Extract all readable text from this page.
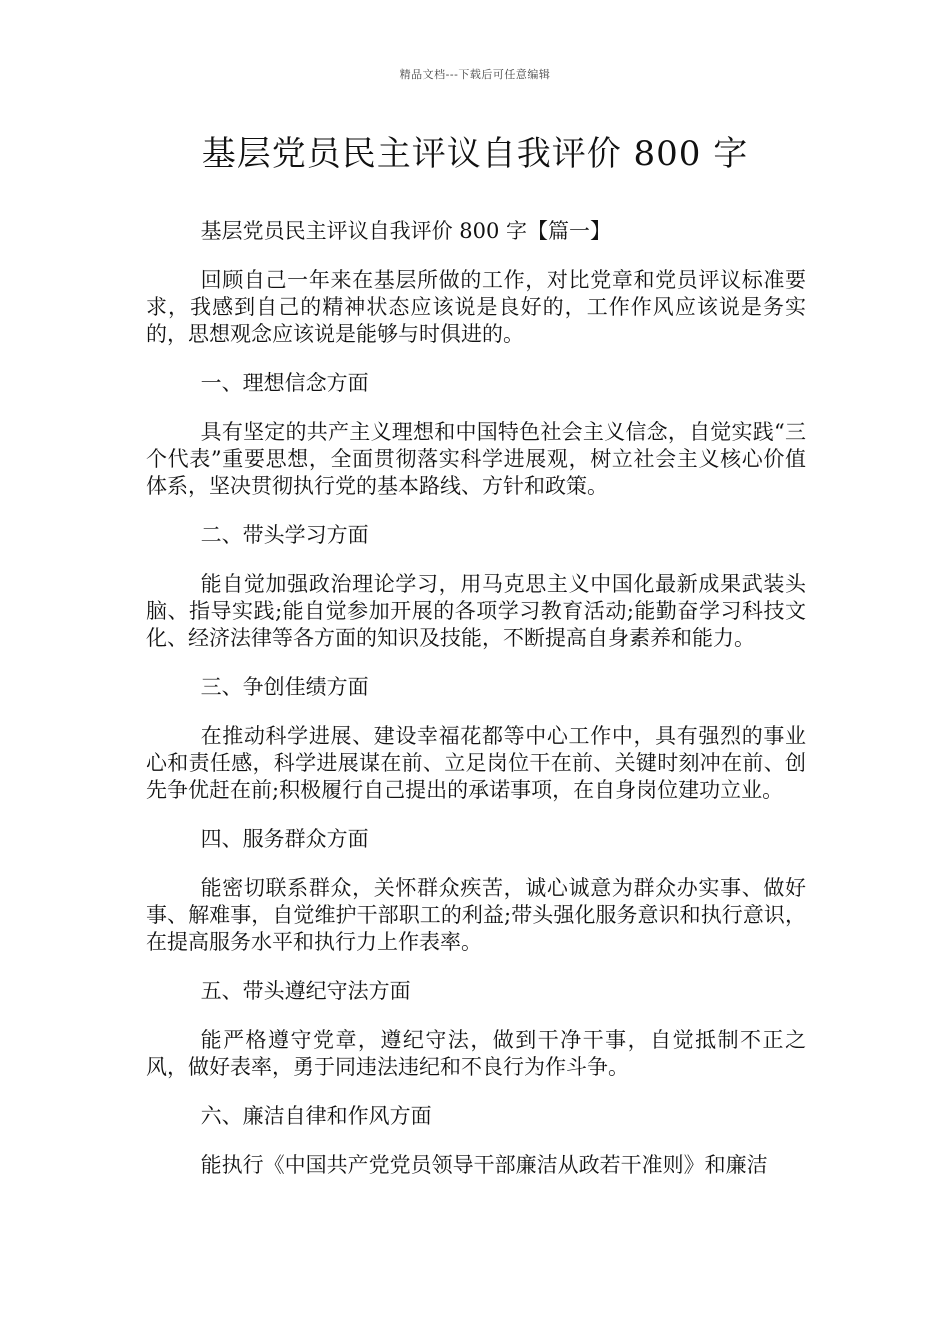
精品文档---下载后可任意编辑
基层党员民主评议自我评价 800 字

基层党员民主评议自我评价 800 字【篇一】

回顾自己一年来在基层所做的工作，对比党章和党员评议标准要求，我感到自己的精神状态应该说是良好的，工作作风应该说是务实的，思想观念应该说是能够与时俱进的。

一、理想信念方面

具有坚定的共产主义理想和中国特色社会主义信念，自觉实践“三个代表”重要思想，全面贯彻落实科学进展观，树立社会主义核心价值体系，坚决贯彻执行党的基本路线、方针和政策。

二、带头学习方面

能自觉加强政治理论学习，用马克思主义中国化最新成果武装头脑、指导实践;能自觉参加开展的各项学习教育活动;能勤奋学习科技文化、经济法律等各方面的知识及技能，不断提高自身素养和能力。

三、争创佳绩方面

在推动科学进展、建设幸福花都等中心工作中，具有强烈的事业心和责任感，科学进展谋在前、立足岗位干在前、关键时刻冲在前、创先争优赶在前;积极履行自己提出的承诺事项，在自身岗位建功立业。

四、服务群众方面

能密切联系群众，关怀群众疾苦，诚心诚意为群众办实事、做好事、解难事，自觉维护干部职工的利益;带头强化服务意识和执行意识，在提高服务水平和执行力上作表率。

五、带头遵纪守法方面

能严格遵守党章，遵纪守法，做到干净干事，自觉抵制不正之风，做好表率，勇于同违法违纪和不良行为作斗争。

六、廉洁自律和作风方面

能执行《中国共产党党员领导干部廉洁从政若干准则》和廉洁
